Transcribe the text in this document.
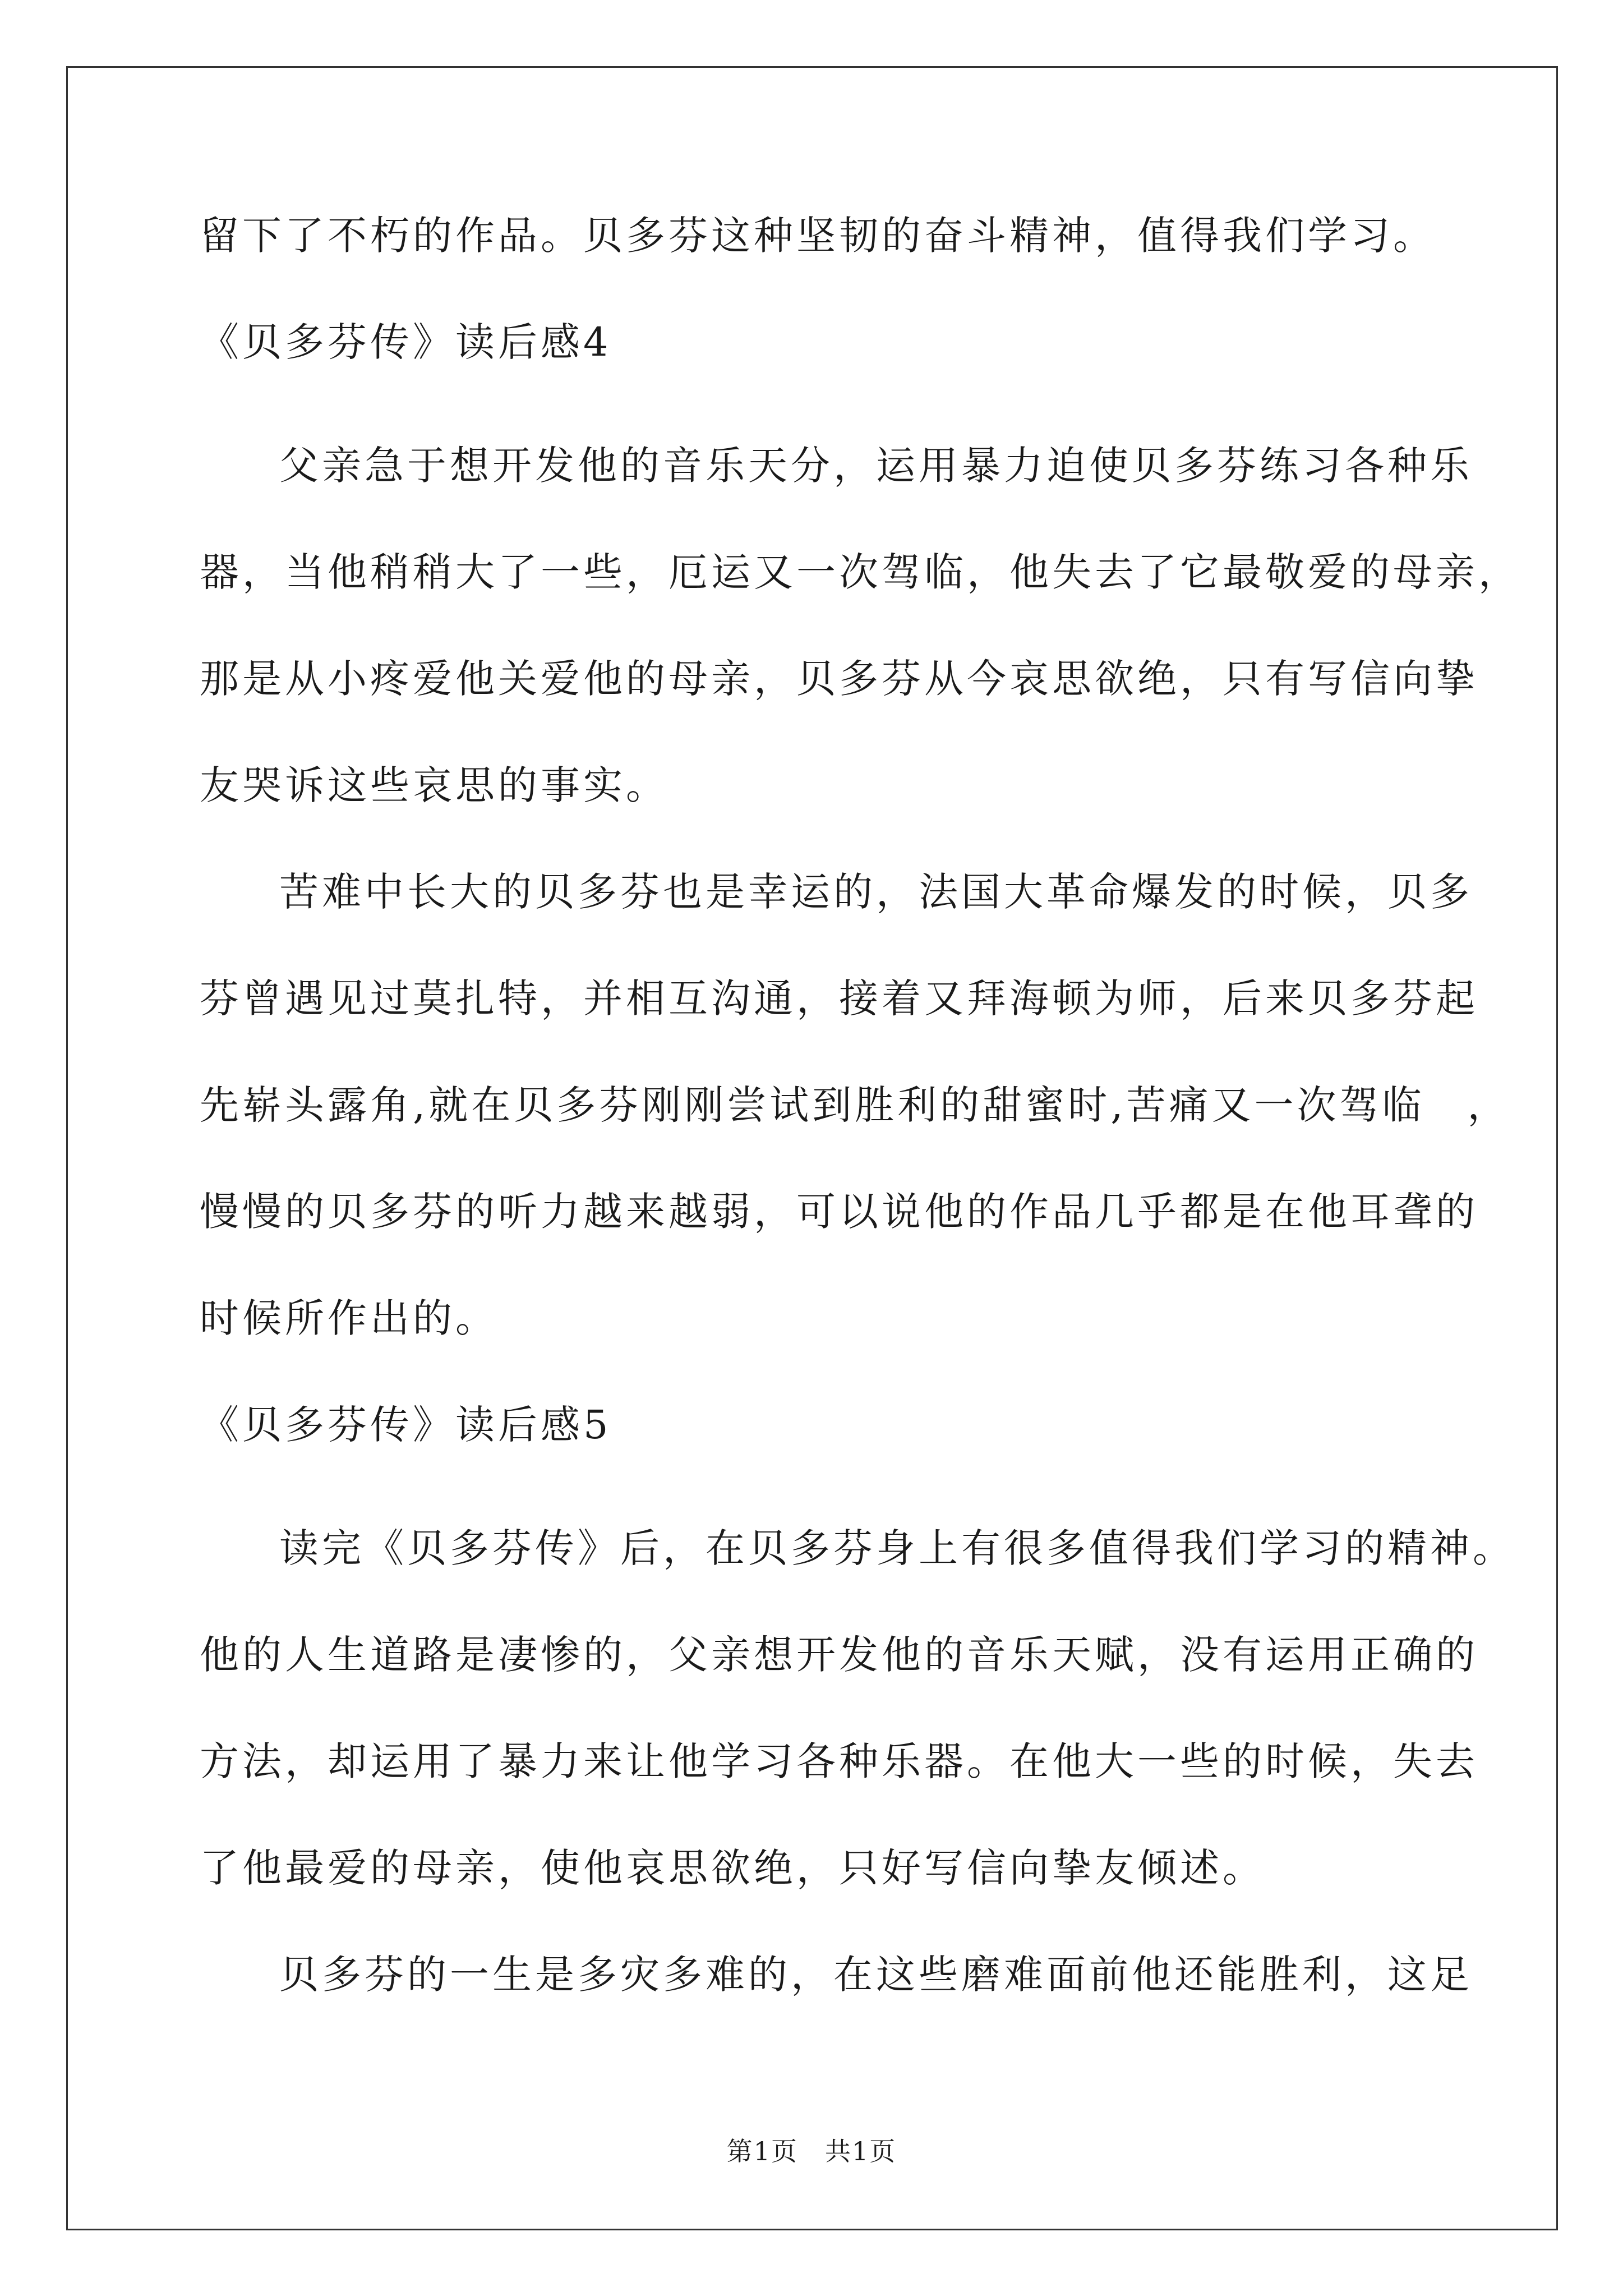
留下了不朽的作品。贝多芬这种坚韧的奋斗精神，值得我们学习。
《贝多芬传》读后感4
父亲急于想开发他的音乐天分，运用暴力迫使贝多芬练习各种乐
器，当他稍稍大了一些，厄运又一次驾临，他失去了它最敬爱的母亲，
那是从小疼爱他关爱他的母亲，贝多芬从今哀思欲绝，只有写信向挚
友哭诉这些哀思的事实。
苦难中长大的贝多芬也是幸运的，法国大革命爆发的时候，贝多
芬曾遇见过莫扎特，并相互沟通，接着又拜海顿为师，后来贝多芬起
先崭头露角,就在贝多芬刚刚尝试到胜利的甜蜜时,苦痛又一次驾临　，
慢慢的贝多芬的听力越来越弱，可以说他的作品几乎都是在他耳聋的
时候所作出的。
《贝多芬传》读后感5
读完《贝多芬传》后，在贝多芬身上有很多值得我们学习的精神。
他的人生道路是凄惨的，父亲想开发他的音乐天赋，没有运用正确的
方法，却运用了暴力来让他学习各种乐器。在他大一些的时候，失去
了他最爱的母亲，使他哀思欲绝，只好写信向挚友倾述。
贝多芬的一生是多灾多难的，在这些磨难面前他还能胜利，这足
第1页 共1页
